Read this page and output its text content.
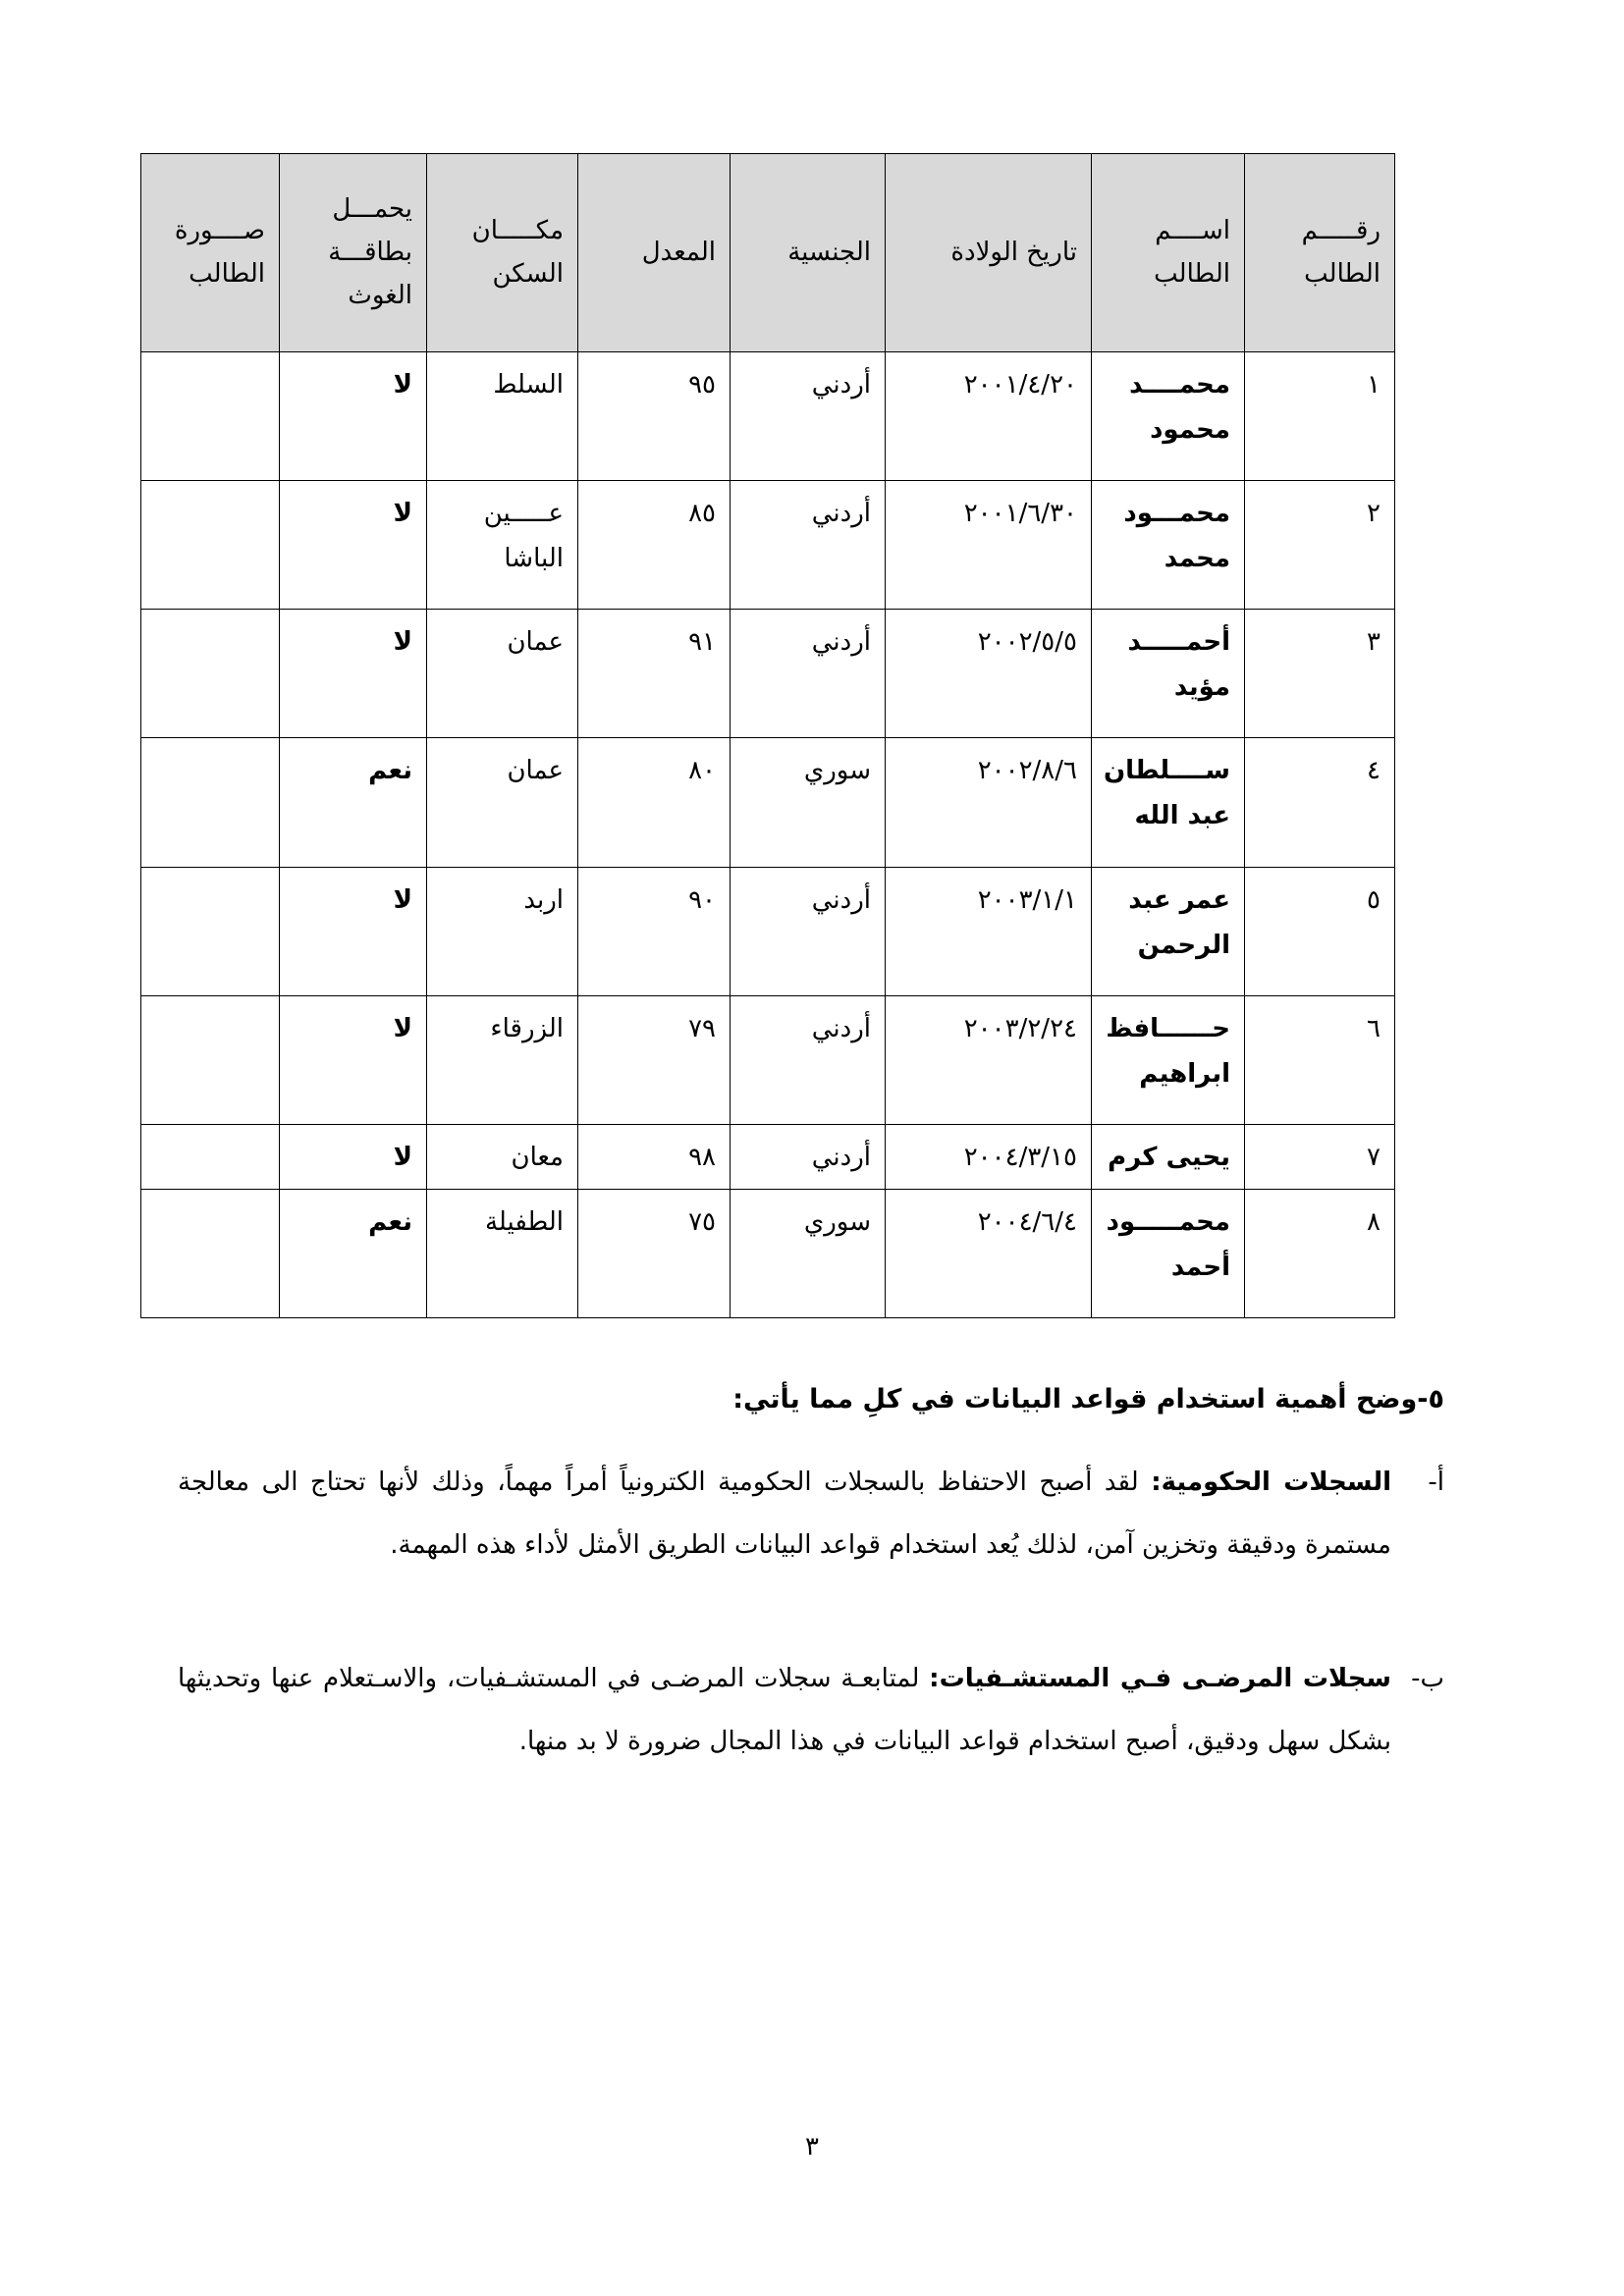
رقـــــم الطالب	اســــم الطالب	تاريخ الولادة	الجنسية	المعدل	مكـــــان السكن	يحمـــل بطاقـــة الغوث	صــــورة الطالب
١	محمــــد محمود	٢٠٠١/٤/٢٠	أردني	٩٥	السلط	لا	
٢	محمـــود محمد	٢٠٠١/٦/٣٠	أردني	٨٥	عـــــين الباشا	لا	
٣	أحمـــــد مؤيد	٢٠٠٢/٥/٥	أردني	٩١	عمان	لا	
٤	ســــلطان عبد الله	٢٠٠٢/٨/٦	سوري	٨٠	عمان	نعم	
٥	عمر عبد الرحمن	٢٠٠٣/١/١	أردني	٩٠	اربد	لا	
٦	حــــــافظ ابراهيم	٢٠٠٣/٢/٢٤	أردني	٧٩	الزرقاء	لا	
٧	يحيى كرم	٢٠٠٤/٣/١٥	أردني	٩٨	معان	لا	
٨	محمـــــود أحمد	٢٠٠٤/٦/٤	سوري	٧٥	الطفيلة	نعم	
٥-وضح أهمية استخدام قواعد البيانات في كلِ مما يأتي:
أ-
السجلات الحكومية: لقد أصبح الاحتفاظ بالسجلات الحكومية الكترونياً أمراً مهماً، وذلك لأنها تحتاج الى معالجة مستمرة ودقيقة وتخزين آمن، لذلك يُعد استخدام قواعد البيانات الطريق الأمثل لأداء هذه المهمة.
ب-
سجلات المرضـى فـي المستشـفيات: لمتابعـة سجلات المرضـى في المستشـفيات، والاسـتعلام عنها وتحديثها بشكل سهل ودقيق، أصبح استخدام قواعد البيانات في هذا المجال ضرورة لا بد منها.
٣
